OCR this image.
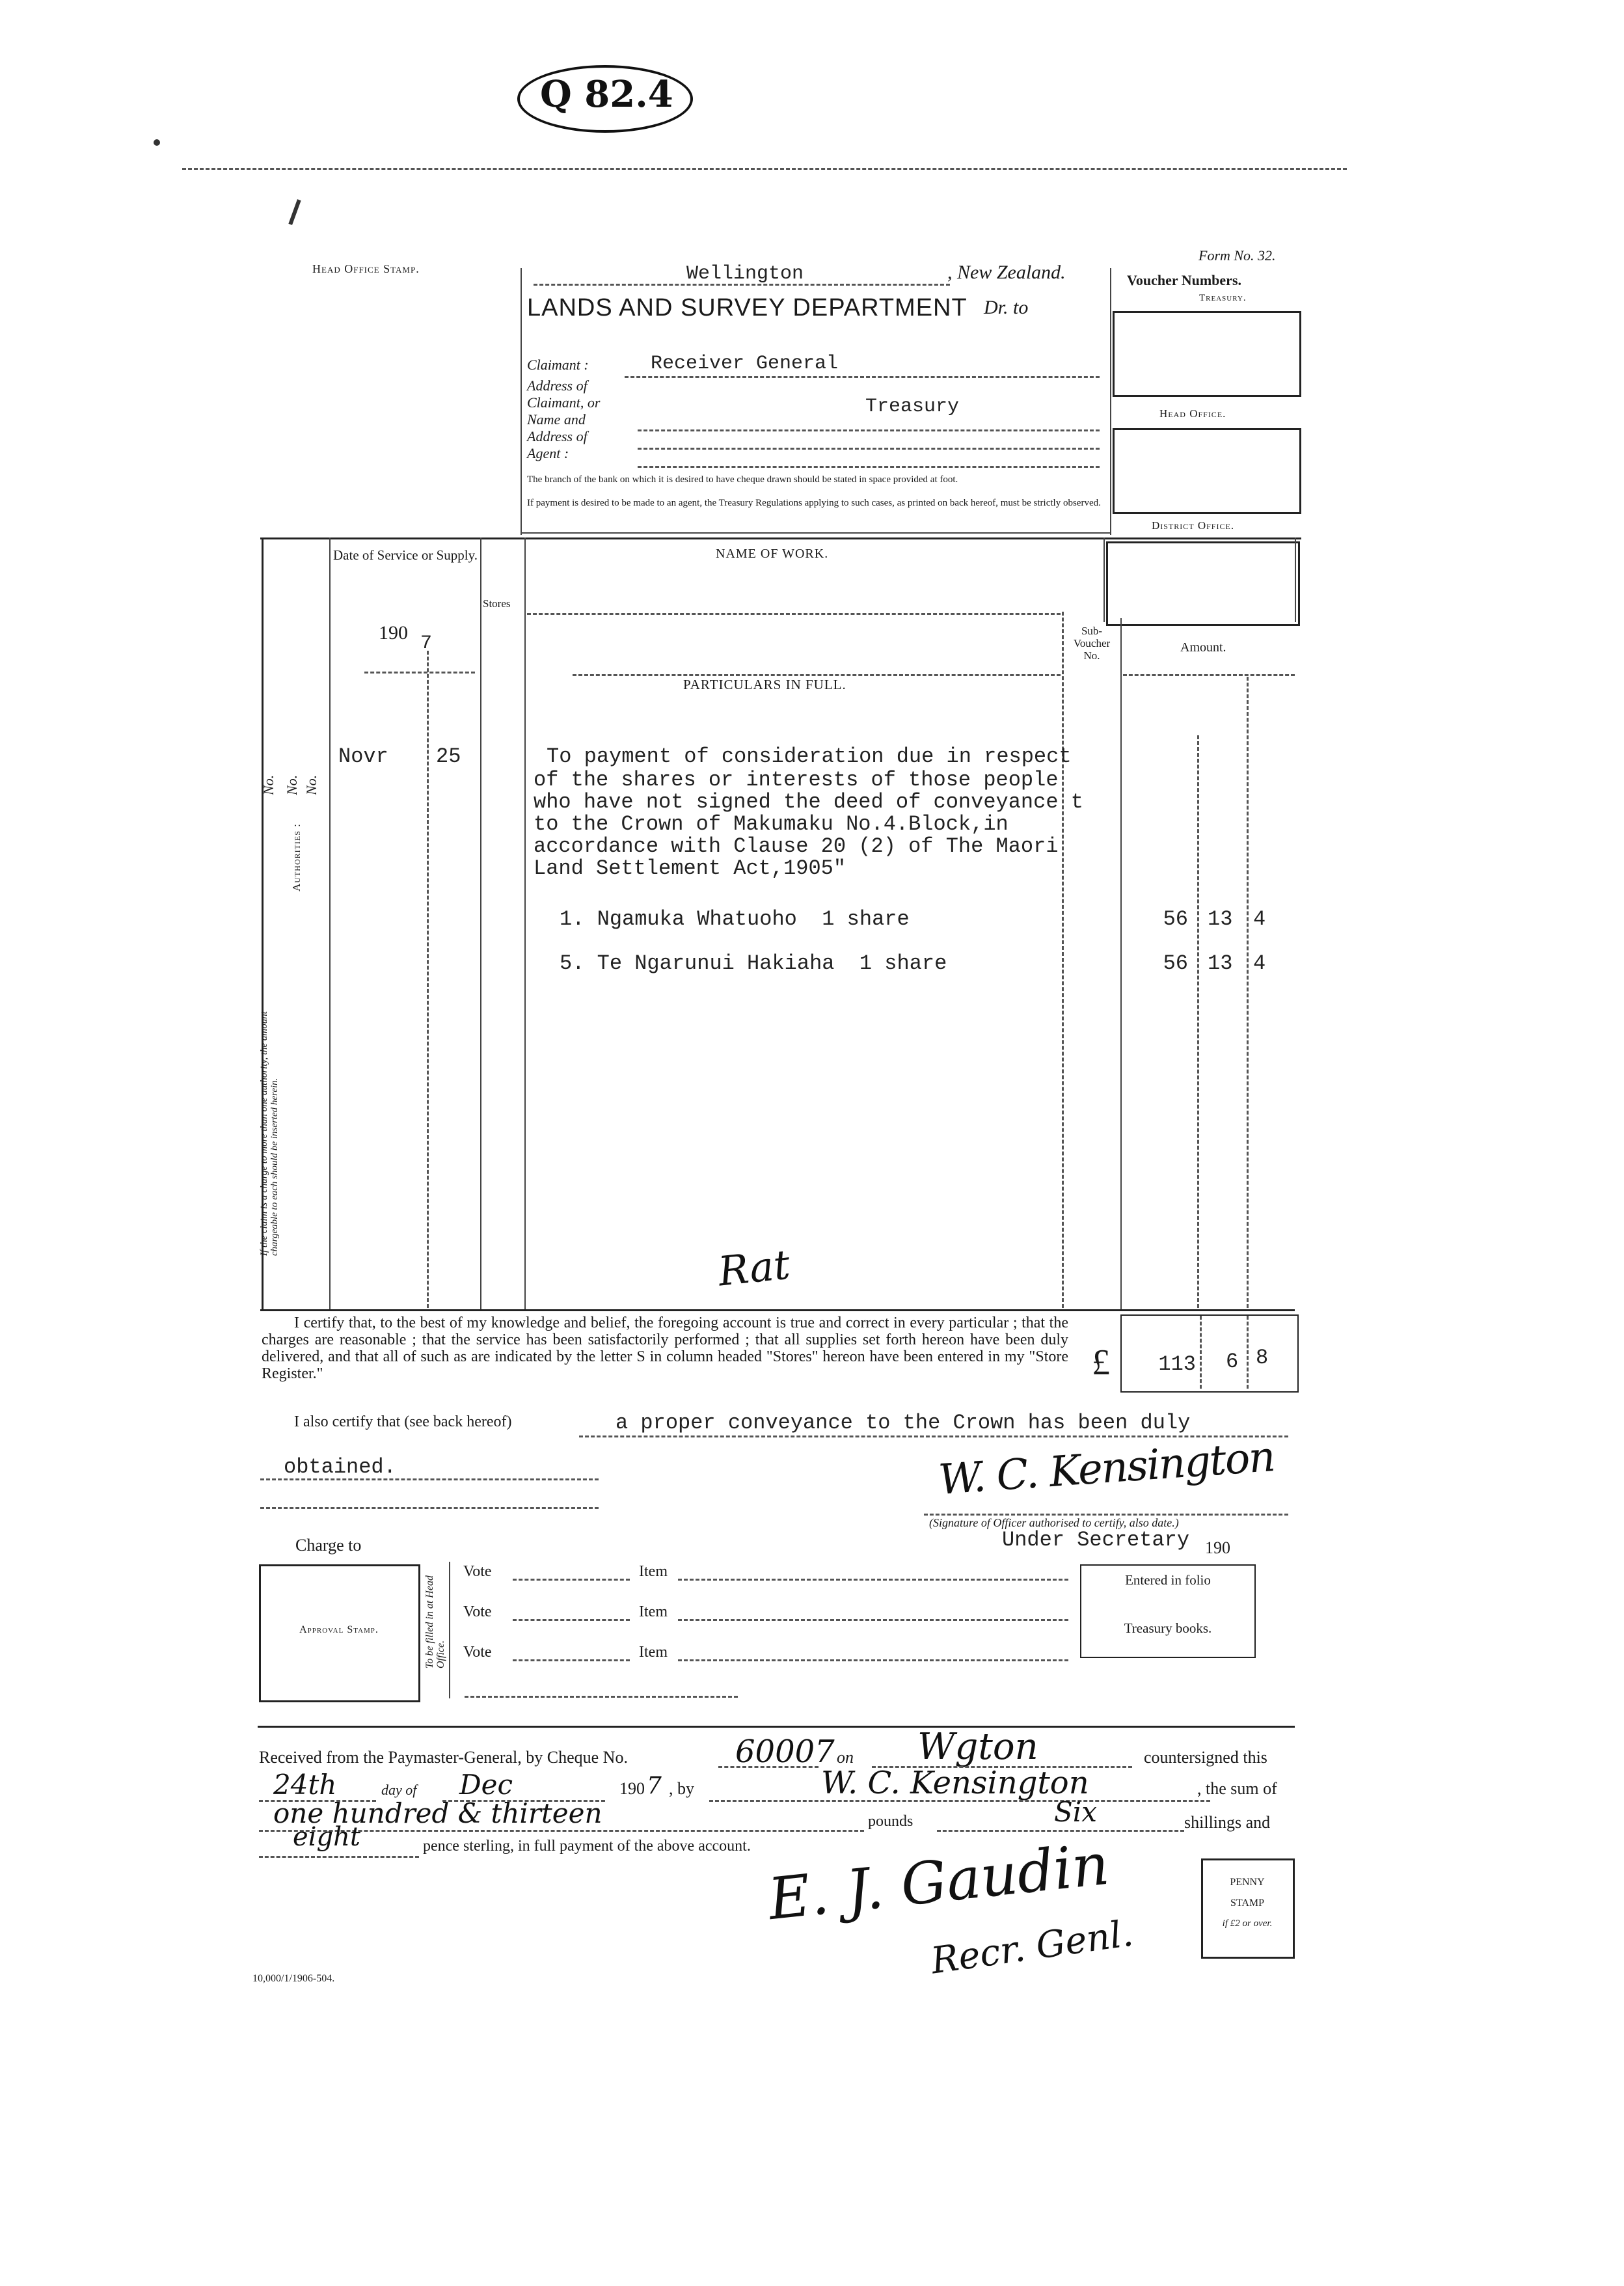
Q 82.4
Head Office Stamp.
Form No. 32.
Voucher Numbers.
Treasury.
Head Office.
District Office.
Wellington	, New Zealand.
LANDS AND SURVEY DEPARTMENT Dr. to
Claimant :	Receiver General
Address of
Claimant, or
Name and
Address of
Agent :
Treasury
The branch of the bank on which it is desired to have cheque drawn should be stated in space provided at foot.
If payment is desired to be made to an agent, the Treasury Regulations applying to such cases, as printed on back hereof, must be strictly observed.
Date of Service or Supply.	NAME OF WORK.
Stores
Sub-Voucher No.
Amount.
190 7
PARTICULARS IN FULL.
Authorities :
No. No. No.
If the claim is a charge to more than one authority, the amount chargeable to each should be inserted herein.
Novr 25	To payment of consideration due in respect
of the shares or interests of those people
who have not signed the deed of conveyance t
to the Crown of Makumaku No.4.Block,in
accordance with Clause 20 (2) of The Maori
Land Settlement Act,1905"
1. Ngamuka Whatuoho  1 share	56 13 4
5. Te Ngarunui Hakiaha  1 share	56 13 4
Rat
I certify that, to the best of my knowledge and belief, the foregoing account is true and correct in every particular ; that the charges are reasonable ; that the service has been satisfactorily performed ; that all supplies set forth hereon have been duly delivered, and that all of such as are indicated by the letter S in column headed "Stores" hereon have been entered in my "Store Register."	£	113 6 8
I also certify that (see back hereof)	a proper conveyance to the Crown has been duly
obtained.	W. C. Kensington
(Signature of Officer authorised to certify, also date.)
Under Secretary 190
Charge to
Approval Stamp.	To be filled in at Head Office.
Vote	Item
Vote	Item
Vote	Item
Entered in folio
Treasury books.
Received from the Paymaster-General, by Cheque No.	60007 on Wgton	countersigned this
24th	day of Dec	190 7 , by	W. C. Kensington	, the sum of
one hundred & thirteen	pounds	Six	shillings and
eight	pence sterling, in full payment of the above account. E. J. Gaudin
Recr. Genl.
PENNY
STAMP
if £2 or over.
10,000/1/1906-504.
